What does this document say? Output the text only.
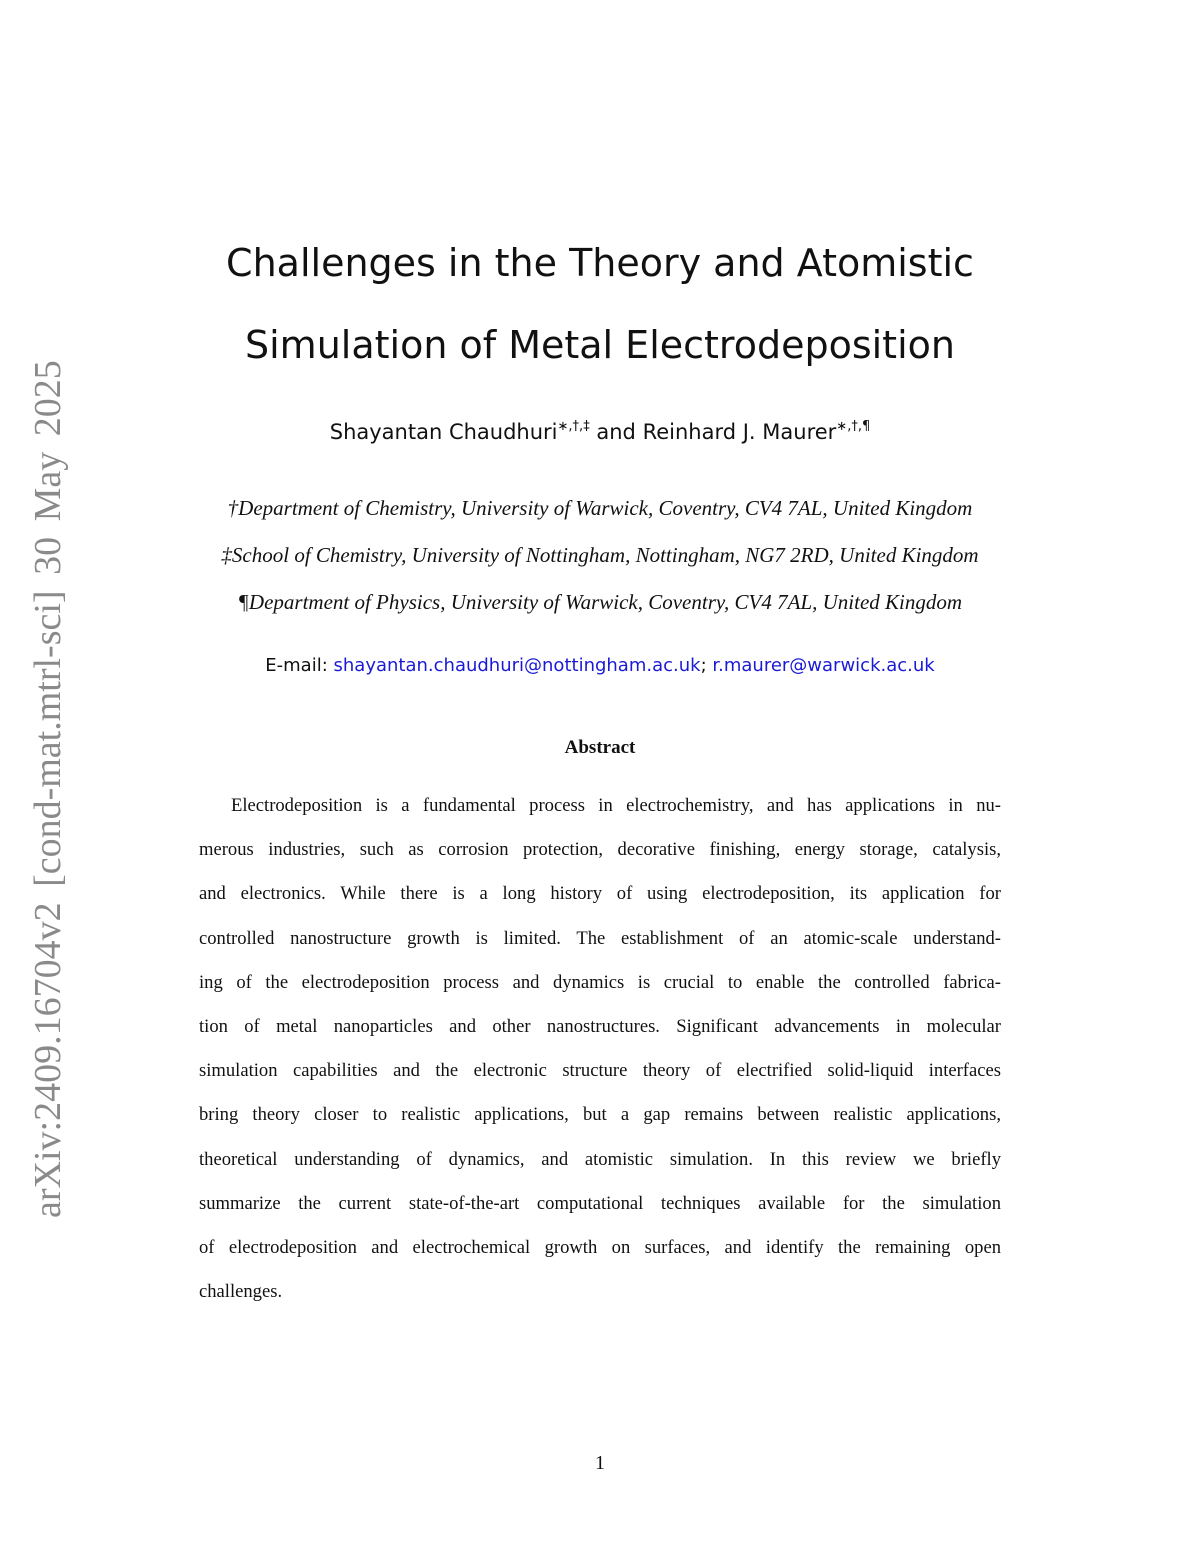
arXiv:2409.16704v2 [cond-mat.mtrl-sci] 30 May 2025
Challenges in the Theory and Atomistic
Simulation of Metal Electrodeposition
Shayantan Chaudhuri∗,†,‡ and Reinhard J. Maurer∗,†,¶
†Department of Chemistry, University of Warwick, Coventry, CV4 7AL, United Kingdom
‡School of Chemistry, University of Nottingham, Nottingham, NG7 2RD, United Kingdom
¶Department of Physics, University of Warwick, Coventry, CV4 7AL, United Kingdom
E-mail: shayantan.chaudhuri@nottingham.ac.uk; r.maurer@warwick.ac.uk
Abstract
Electrodeposition is a fundamental process in electrochemistry, and has applications in nu-
merous industries, such as corrosion protection, decorative finishing, energy storage, catalysis,
and electronics. While there is a long history of using electrodeposition, its application for
controlled nanostructure growth is limited. The establishment of an atomic-scale understand-
ing of the electrodeposition process and dynamics is crucial to enable the controlled fabrica-
tion of metal nanoparticles and other nanostructures. Significant advancements in molecular
simulation capabilities and the electronic structure theory of electrified solid-liquid interfaces
bring theory closer to realistic applications, but a gap remains between realistic applications,
theoretical understanding of dynamics, and atomistic simulation. In this review we briefly
summarize the current state-of-the-art computational techniques available for the simulation
of electrodeposition and electrochemical growth on surfaces, and identify the remaining open
challenges.
1
